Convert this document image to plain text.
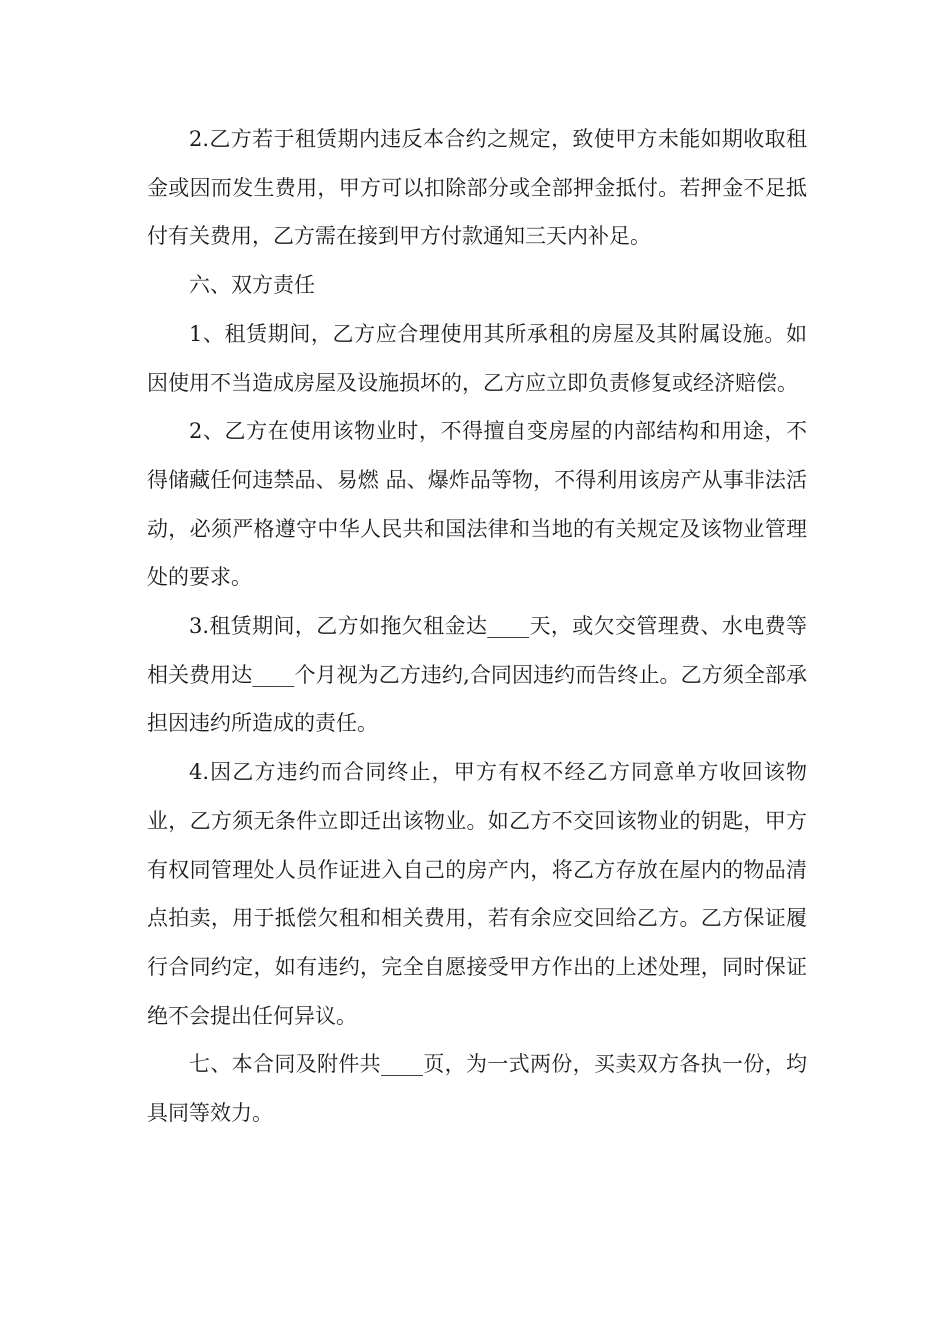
2.乙方若于租赁期内违反本合约之规定，致使甲方未能如期收取租金或因而发生费用，甲方可以扣除部分或全部押金抵付。若押金不足抵付有关费用，乙方需在接到甲方付款通知三天内补足。

六、双方责任

1、租赁期间，乙方应合理使用其所承租的房屋及其附属设施。如因使用不当造成房屋及设施损坏的，乙方应立即负责修复或经济赔偿。

2、乙方在使用该物业时，不得擅自变房屋的内部结构和用途，不得储藏任何违禁品、易燃 品、爆炸品等物，不得利用该房产从事非法活动，必须严格遵守中华人民共和国法律和当地的有关规定及该物业管理处的要求。

3.租赁期间，乙方如拖欠租金达____天，或欠交管理费、水电费等相关费用达____个月视为乙方违约,合同因违约而告终止。乙方须全部承担因违约所造成的责任。

4.因乙方违约而合同终止，甲方有权不经乙方同意单方收回该物业，乙方须无条件立即迁出该物业。如乙方不交回该物业的钥匙，甲方有权同管理处人员作证进入自己的房产内，将乙方存放在屋内的物品清点拍卖，用于抵偿欠租和相关费用，若有余应交回给乙方。乙方保证履行合同约定，如有违约，完全自愿接受甲方作出的上述处理，同时保证绝不会提出任何异议。

七、本合同及附件共____页，为一式两份，买卖双方各执一份，均具同等效力。
